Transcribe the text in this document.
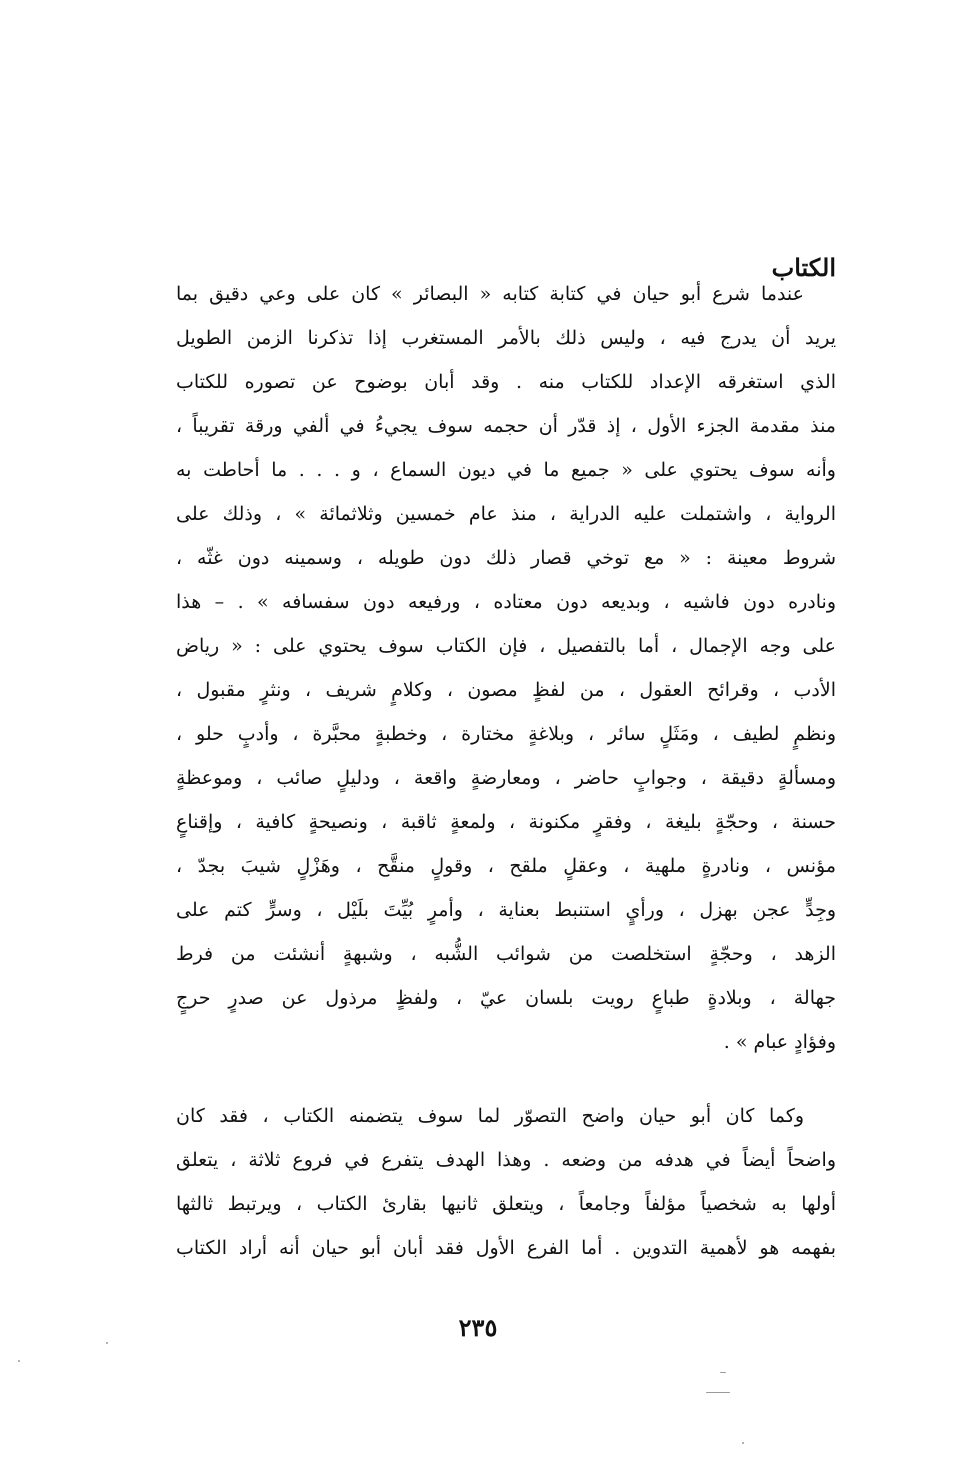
الكتاب
عندما شرع أبو حيان في كتابة كتابه « البصائر » كان على وعي دقيق بما
يريد أن يدرج فيه ، وليس ذلك بالأمر المستغرب إذا تذكرنا الزمن الطويل
الذي استغرقه الإعداد للكتاب منه . وقد أبان بوضوح عن تصوره للكتاب
منذ مقدمة الجزء الأول ، إذ قدّر أن حجمه سوف يجيءُ في ألفي ورقة تقريباً ،
وأنه سوف يحتوي على « جميع ما في ديون السماع ، و . . . ما أحاطت به
الرواية ، واشتملت عليه الدراية ، منذ عام خمسين وثلاثمائة » ، وذلك على
شروط معينة : « مع توخي قصار ذلك دون طويله ، وسمينه دون غثّه ،
ونادره دون فاشيه ، وبديعه دون معتاده ، ورفيعه دون سفسافه » . – هذا
على وجه الإجمال ، أما بالتفصيل ، فإن الكتاب سوف يحتوي على : « رياض
الأدب ، وقرائح العقول ، من لفظٍ مصون ، وكلامٍ شريف ، ونثرٍ مقبول ،
ونظمٍ لطيف ، ومَثَلٍ سائر ، وبلاغةٍ مختارة ، وخطبةٍ محبَّرة ، وأدبٍ حلو ،
ومسألةٍ دقيقة ، وجوابٍ حاضر ، ومعارضةٍ واقعة ، ودليلٍ صائب ، وموعظةٍ
حسنة ، وحجّةٍ بليغة ، وفقرٍ مكنونة ، ولمعةٍ ثاقبة ، ونصيحةٍ كافية ، وإقناعٍ
مؤنس ، ونادرةٍ ملهية ، وعقلٍ ملقح ، وقولٍ منقَّح ، وهَزْلٍ شيبَ بجدّ ،
وجِدٍّ عجن بهزل ، ورأيٍ استنبط بعناية ، وأمرٍ بُيِّتَ بلَيْل ، وسرٍّ كتم على
الزهد ، وحجّةٍ استخلصت من شوائب الشُّبه ، وشبهةٍ أنشئت من فرط
جهالة ، وبلادةٍ طباعٍ رويت بلسان عيّ ، ولفظٍ مرذول عن صدرٍ حرجٍ
وفؤادٍ عبام » .
وكما كان أبو حيان واضح التصوّر لما سوف يتضمنه الكتاب ، فقد كان
واضحاً أيضاً في هدفه من وضعه . وهذا الهدف يتفرع في فروع ثلاثة ، يتعلق
أولها به شخصياً مؤلفاً وجامعاً ، ويتعلق ثانيها بقارئ الكتاب ، ويرتبط ثالثها
بفهمه هو لأهمية التدوين . أما الفرع الأول فقد أبان أبو حيان أنه أراد الكتاب
٢٣٥
